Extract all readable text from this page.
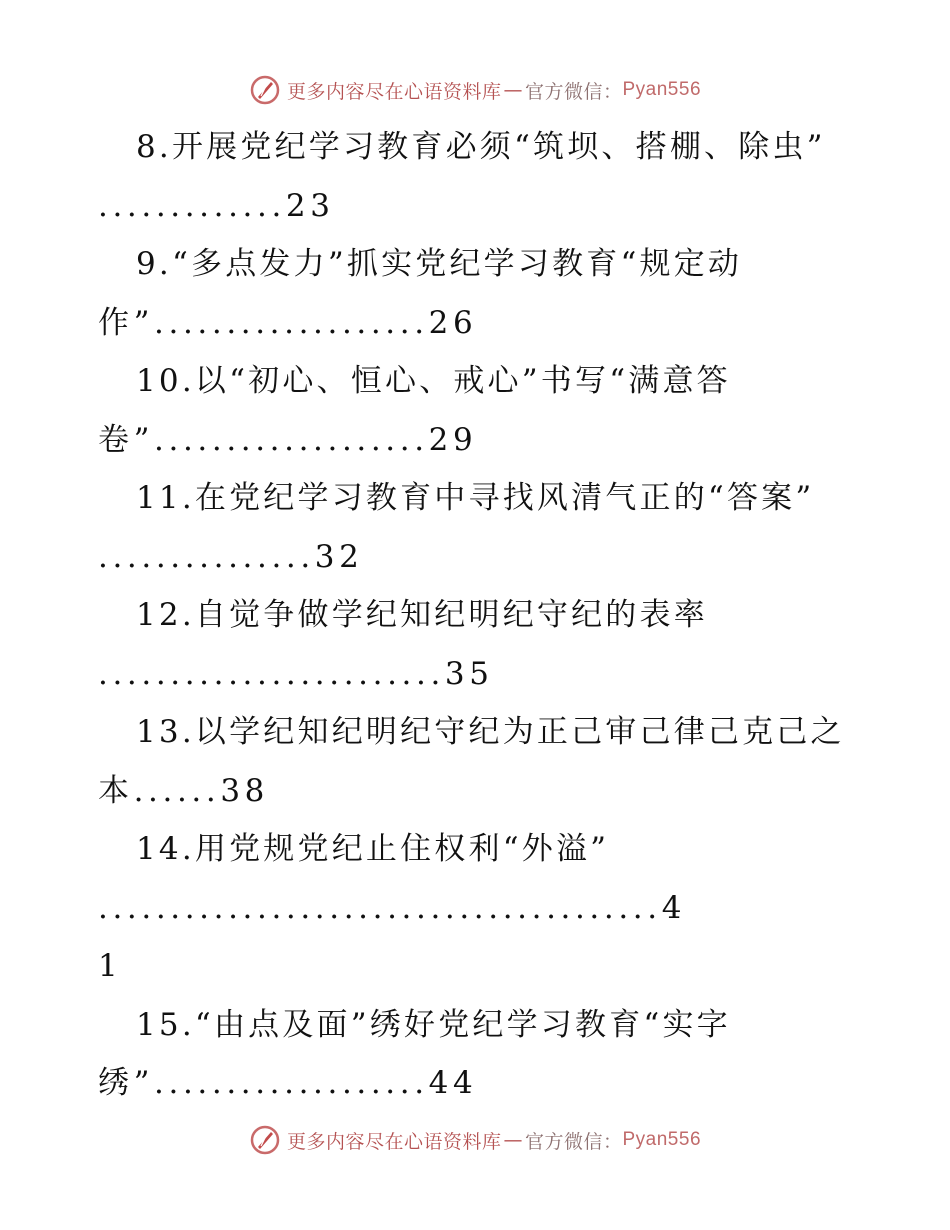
更多内容尽在心语资料库 — 官方微信： Pyan556
8.开展党纪学习教育必须“筑坝、搭棚、除虫”
.............23
9.“多点发力”抓实党纪学习教育“规定动
作”...................26
10.以“初心、恒心、戒心”书写“满意答
卷”...................29
11.在党纪学习教育中寻找风清气正的“答案”
...............32
12.自觉争做学纪知纪明纪守纪的表率
........................35
13.以学纪知纪明纪守纪为正己审己律己克己之
本......38
14.用党规党纪止住权利“外溢”
.......................................4
1
15.“由点及面”绣好党纪学习教育“实字
绣”...................44
更多内容尽在心语资料库 — 官方微信： Pyan556
